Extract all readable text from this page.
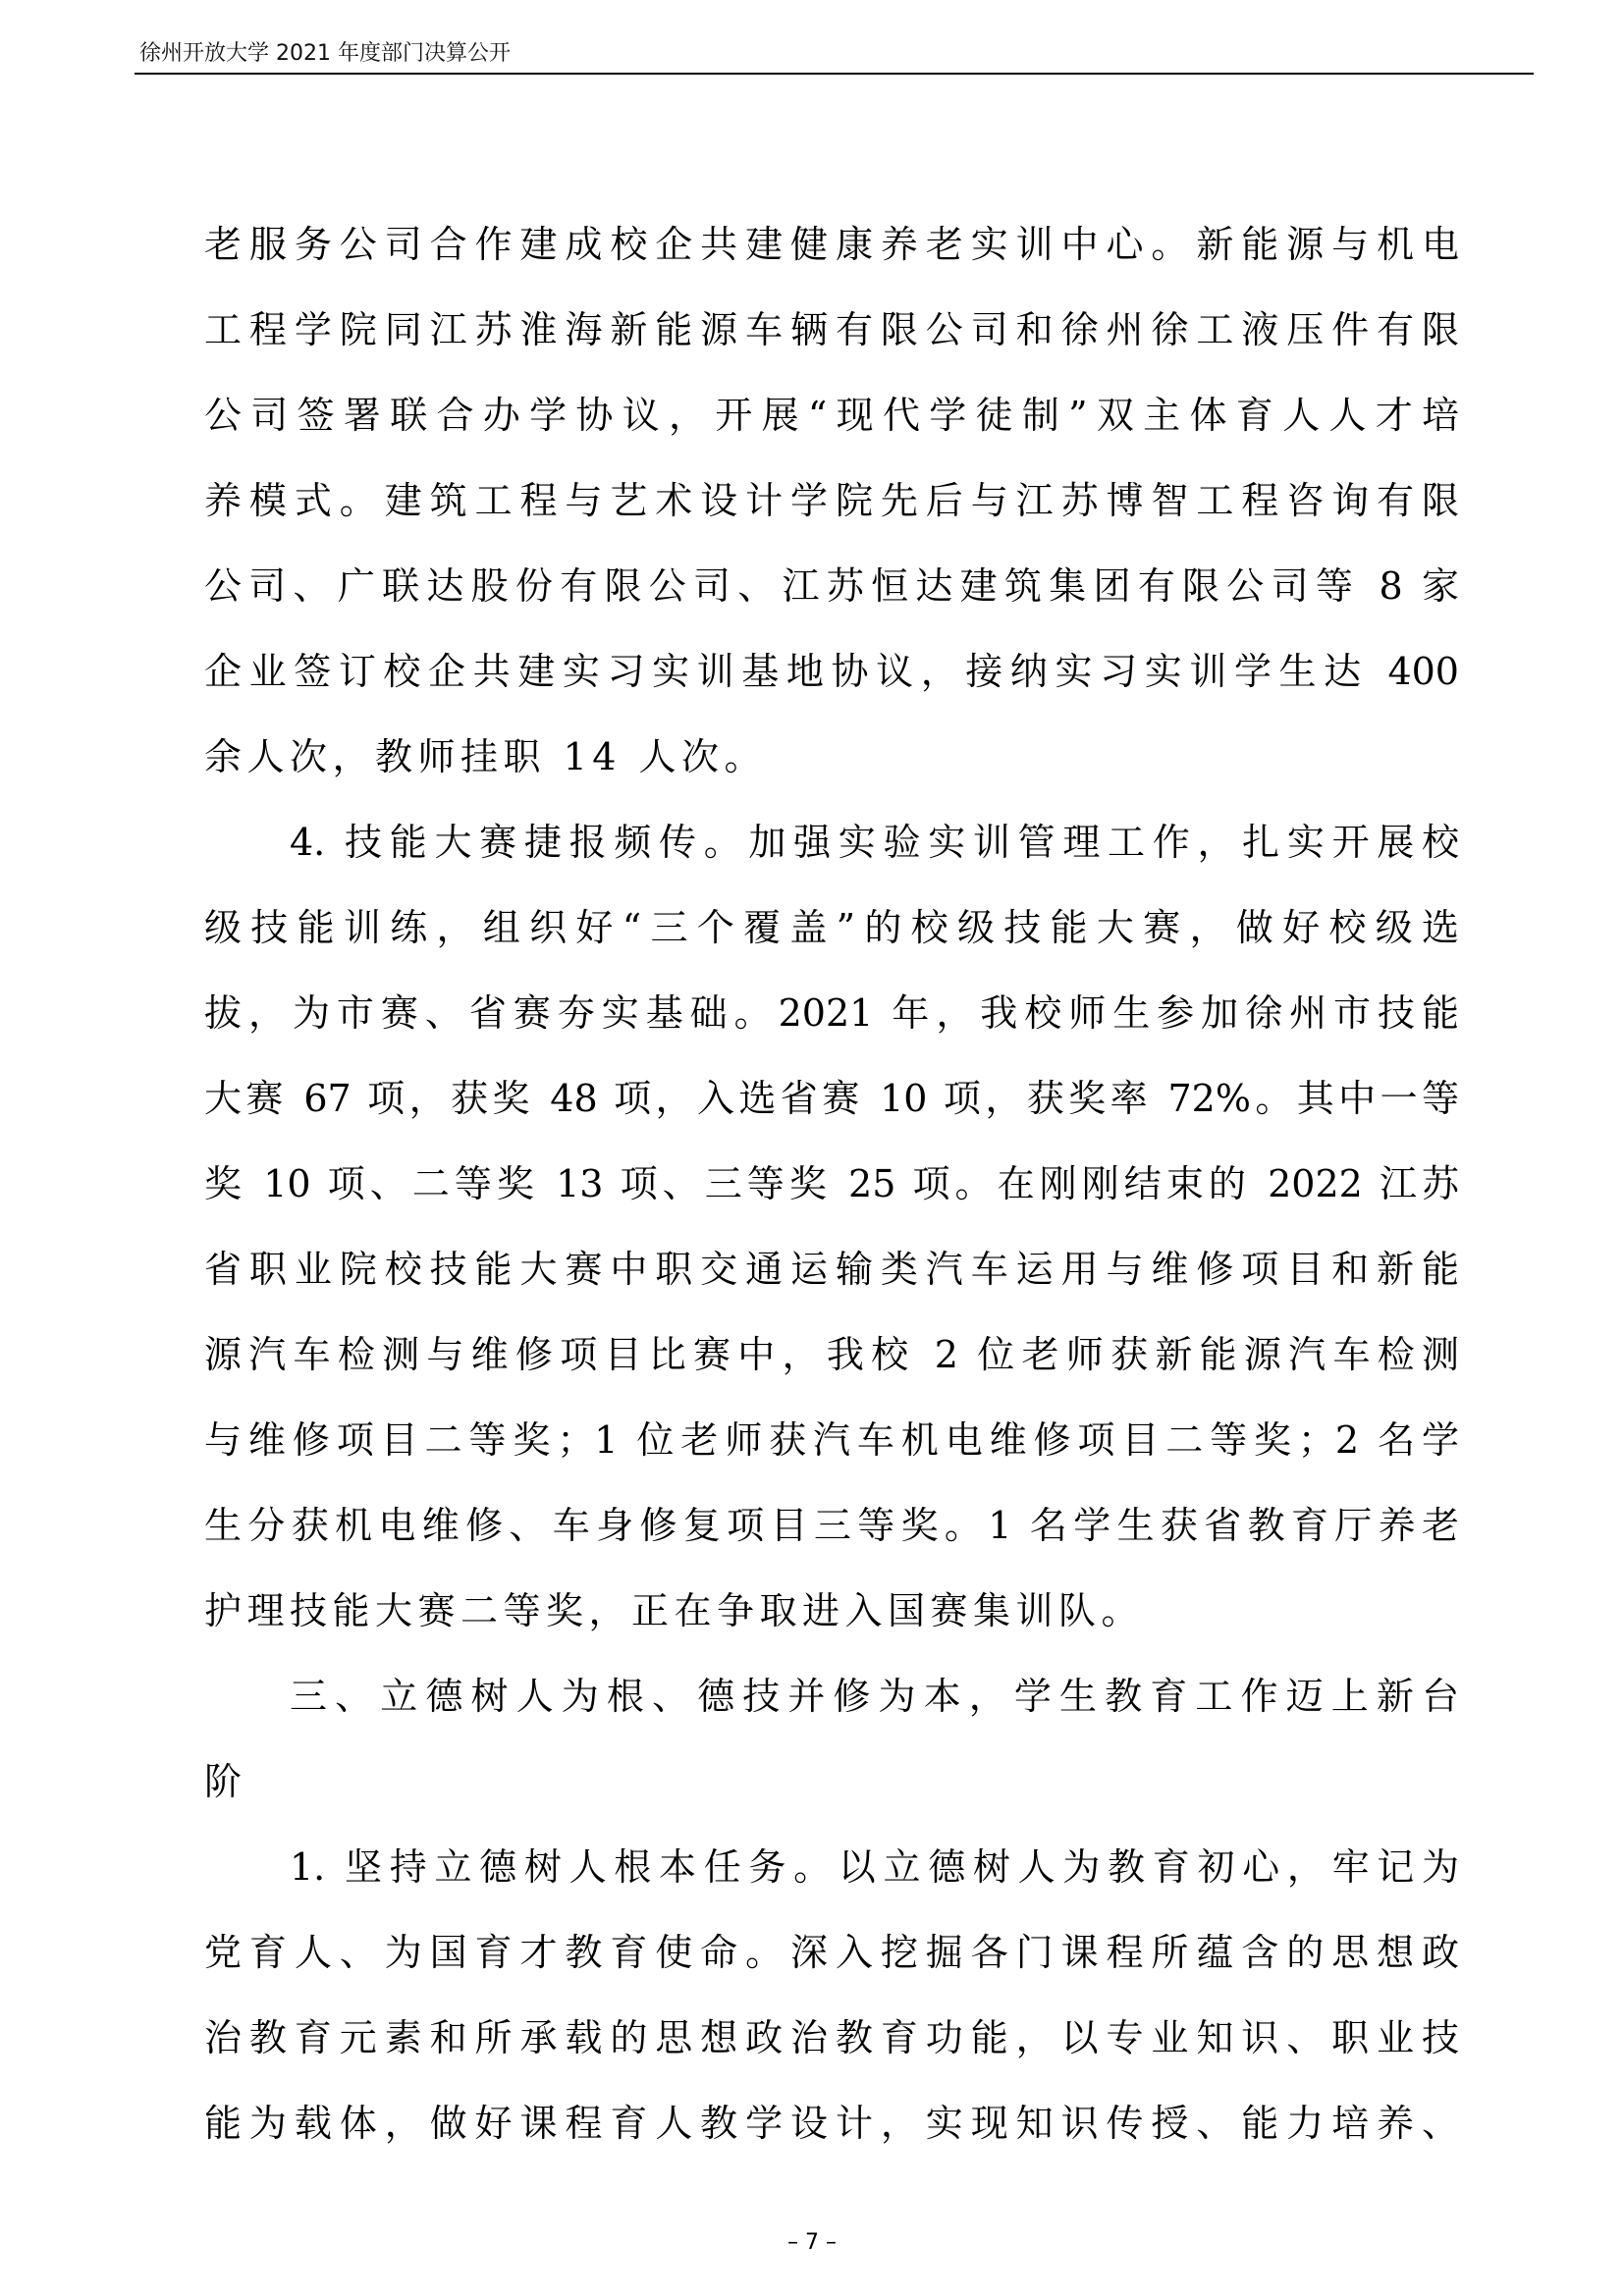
徐州开放大学 2021 年度部门决算公开
老服务公司合作建成校企共建健康养老实训中心。新能源与机电
工程学院同江苏淮海新能源车辆有限公司和徐州徐工液压件有限
公司签署联合办学协议，开展“现代学徒制”双主体育人人才培
养模式。建筑工程与艺术设计学院先后与江苏博智工程咨询有限
公司、广联达股份有限公司、江苏恒达建筑集团有限公司等 8 家
企业签订校企共建实习实训基地协议，接纳实习实训学生达 400
余人次，教师挂职 14 人次。
4. 技能大赛捷报频传。加强实验实训管理工作，扎实开展校
级技能训练，组织好“三个覆盖”的校级技能大赛，做好校级选
拔，为市赛、省赛夯实基础。2021 年，我校师生参加徐州市技能
大赛 67 项，获奖 48 项，入选省赛 10 项，获奖率 72%。其中一等
奖 10 项、二等奖 13 项、三等奖 25 项。在刚刚结束的 2022 江苏
省职业院校技能大赛中职交通运输类汽车运用与维修项目和新能
源汽车检测与维修项目比赛中，我校 2 位老师获新能源汽车检测
与维修项目二等奖；1 位老师获汽车机电维修项目二等奖；2 名学
生分获机电维修、车身修复项目三等奖。1 名学生获省教育厅养老
护理技能大赛二等奖，正在争取进入国赛集训队。
三、立德树人为根、德技并修为本，学生教育工作迈上新台
阶
1. 坚持立德树人根本任务。以立德树人为教育初心，牢记为
党育人、为国育才教育使命。深入挖掘各门课程所蕴含的思想政
治教育元素和所承载的思想政治教育功能，以专业知识、职业技
能为载体，做好课程育人教学设计，实现知识传授、能力培养、
– 7 –
